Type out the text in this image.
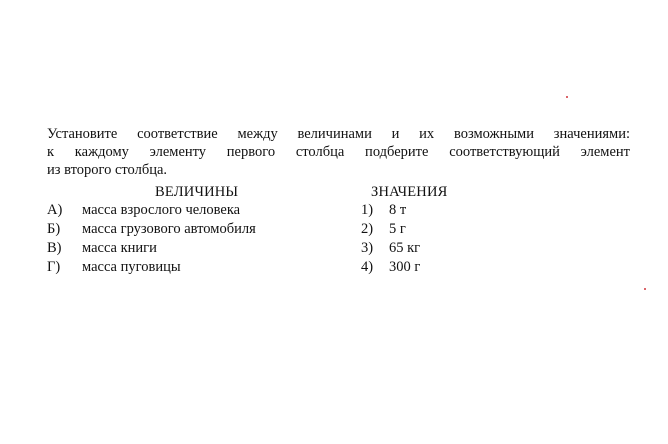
Установите соответствие между величинами и их возможными значениями:
к каждому элементу первого столбца подберите соответствующий элемент
из второго столбца.

ВЕЛИЧИНЫ	ЗНАЧЕНИЯ
А) масса взрослого человека	1) 8 т
Б) масса грузового автомобиля	2) 5 г
В) масса книги	3) 65 кг
Г) масса пуговицы	4) 300 г
